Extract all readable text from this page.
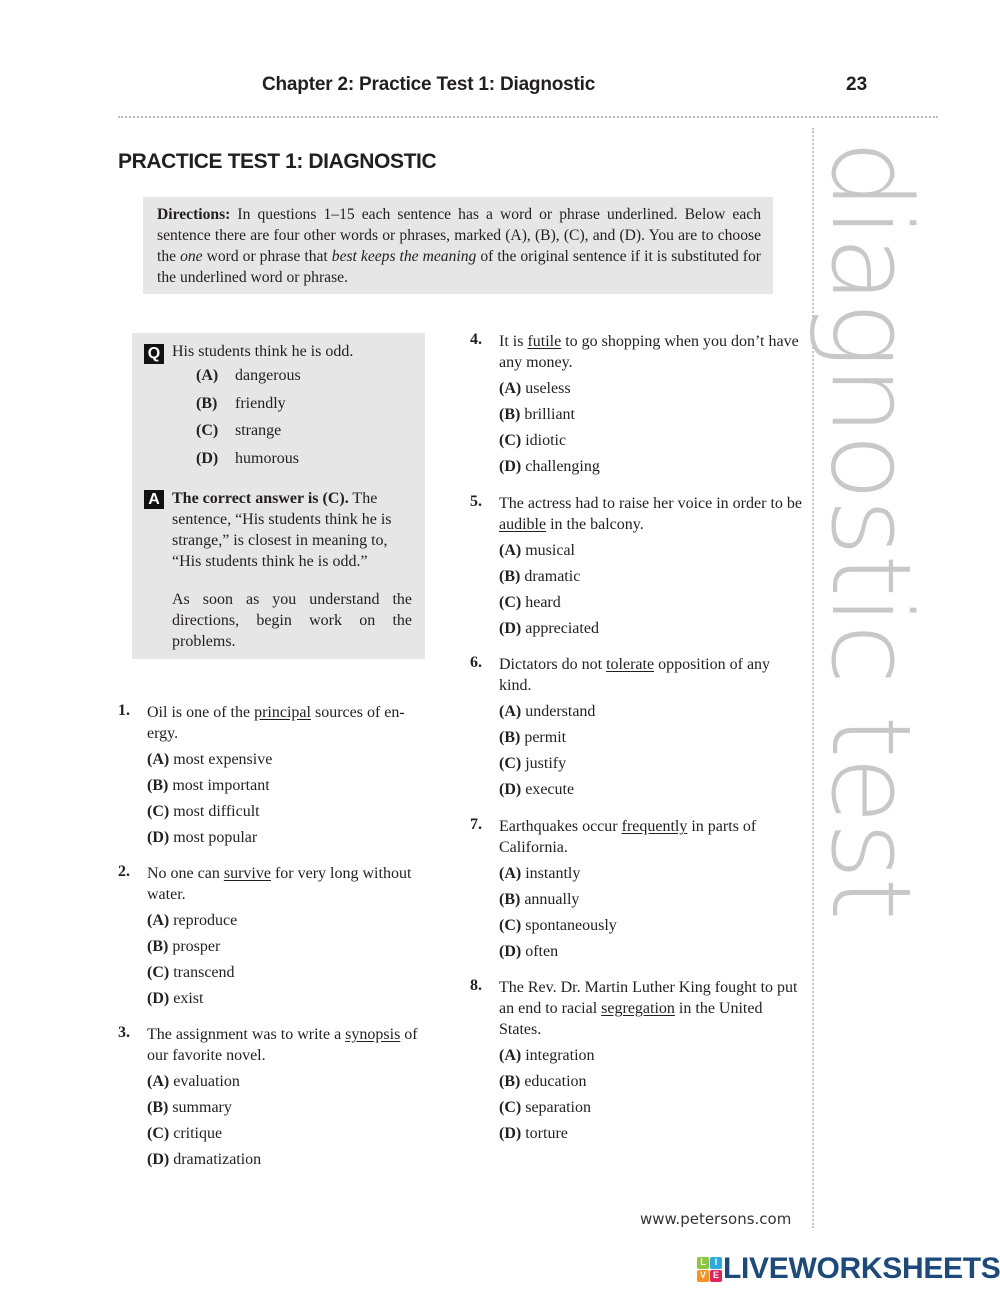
Chapter 2: Practice Test 1: Diagnostic	23
PRACTICE TEST 1: DIAGNOSTIC
Directions: In questions 1–15 each sentence has a word or phrase underlined. Below each sentence there are four other words or phrases, marked (A), (B), (C), and (D). You are to choose the one word or phrase that best keeps the meaning of the original sentence if it is substituted for the underlined word or phrase.
Q His students think he is odd.
(A) dangerous
(B) friendly
(C) strange
(D) humorous
A The correct answer is (C). The sentence, “His students think he is strange,” is closest in meaning to, “His students think he is odd.”

As soon as you understand the directions, begin work on the problems.

1. Oil is one of the principal sources of en-ergy.
(A) most expensive
(B) most important
(C) most difficult
(D) most popular
2. No one can survive for very long without water.
(A) reproduce
(B) prosper
(C) transcend
(D) exist
3. The assignment was to write a synopsis of our favorite novel.
(A) evaluation
(B) summary
(C) critique
(D) dramatization
4. It is futile to go shopping when you don’t have any money.
(A) useless
(B) brilliant
(C) idiotic
(D) challenging
5. The actress had to raise her voice in order to be audible in the balcony.
(A) musical
(B) dramatic
(C) heard
(D) appreciated
6. Dictators do not tolerate opposition of any kind.
(A) understand
(B) permit
(C) justify
(D) execute
7. Earthquakes occur frequently in parts of California.
(A) instantly
(B) annually
(C) spontaneously
(D) often
8. The Rev. Dr. Martin Luther King fought to put an end to racial segregation in the United States.
(A) integration
(B) education
(C) separation
(D) torture
diagnostic test
www.petersons.com
L I
V E LIVEWORKSHEETS
